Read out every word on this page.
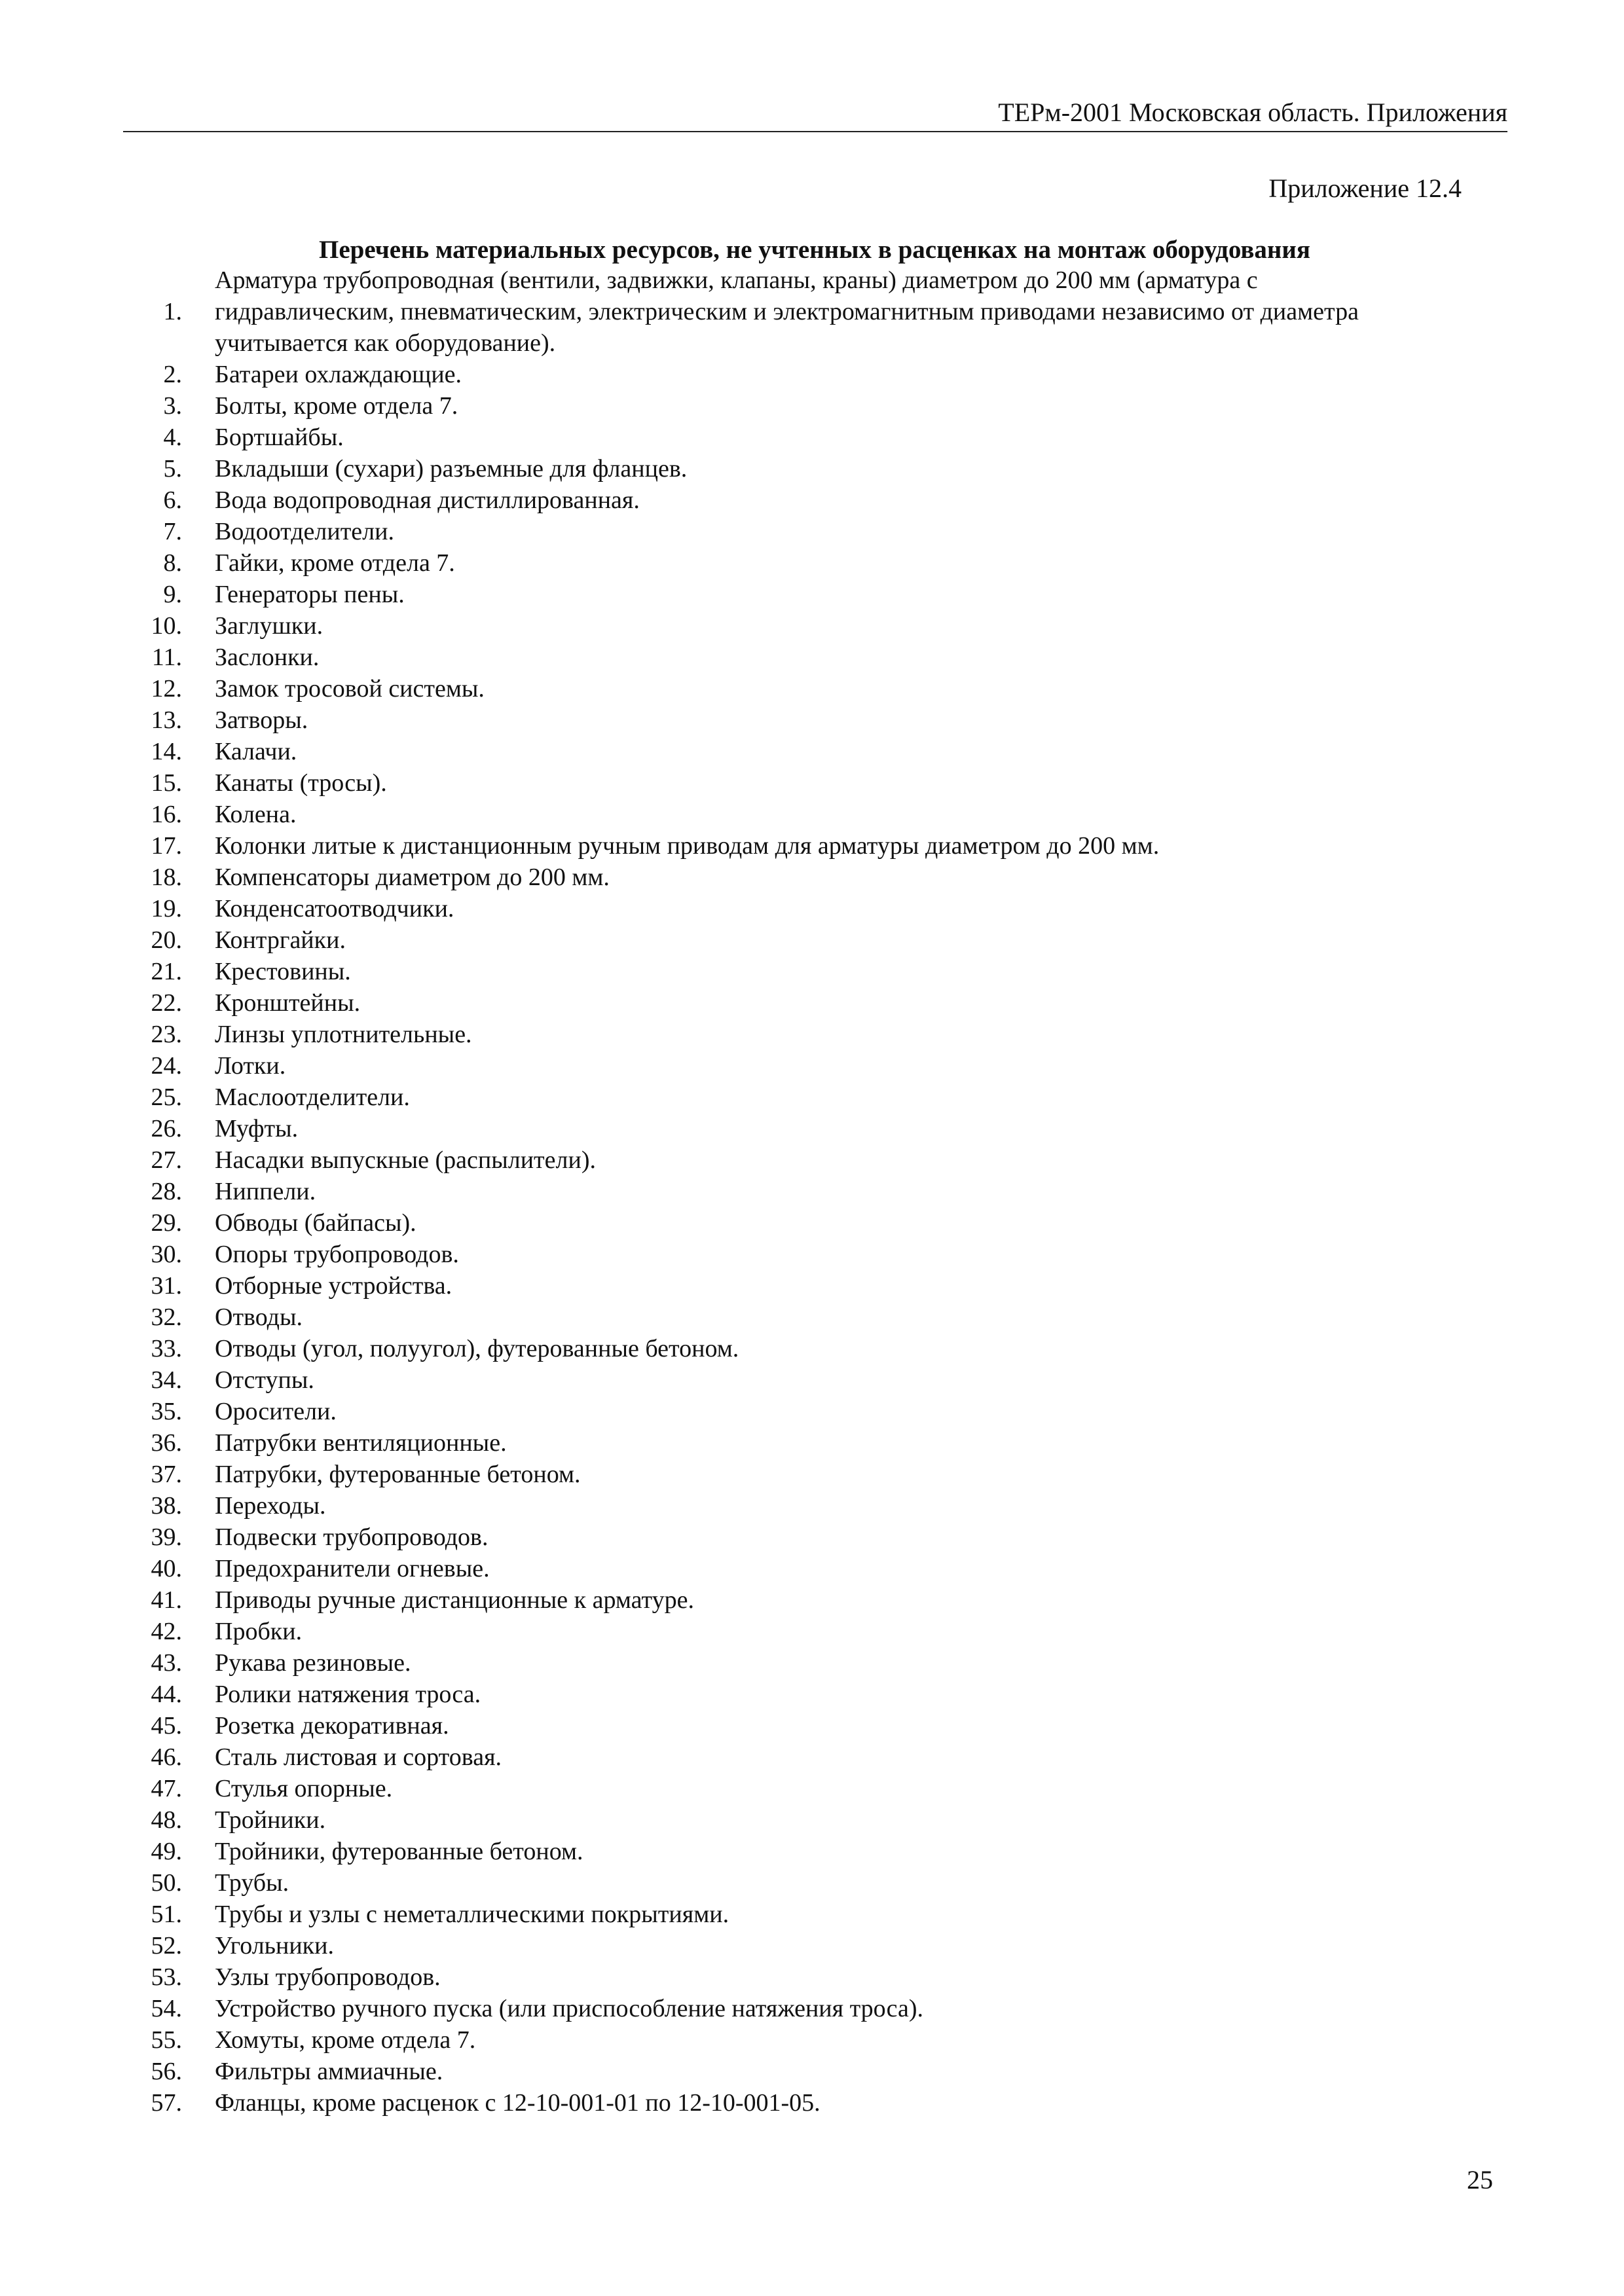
ТЕРм-2001 Московская область. Приложения
Приложение 12.4
Перечень материальных ресурсов, не учтенных в расценках на монтаж оборудования
1.
Арматура трубопроводная (вентили, задвижки, клапаны, краны) диаметром до 200 мм (арматура с гидравлическим, пневматическим, электрическим и электромагнитным приводами независимо от диаметра учитывается как оборудование).
2. Батареи охлаждающие.
3. Болты, кроме отдела 7.
4. Бортшайбы.
5. Вкладыши (сухари) разъемные для фланцев.
6. Вода водопроводная дистиллированная.
7. Водоотделители.
8. Гайки, кроме отдела 7.
9. Генераторы пены.
10. Заглушки.
11. Заслонки.
12. Замок тросовой системы.
13. Затворы.
14. Калачи.
15. Канаты (тросы).
16. Колена.
17. Колонки литые к дистанционным ручным приводам для арматуры диаметром до 200 мм.
18. Компенсаторы диаметром до 200 мм.
19. Конденсатоотводчики.
20. Контргайки.
21. Крестовины.
22. Кронштейны.
23. Линзы уплотнительные.
24. Лотки.
25. Маслоотделители.
26. Муфты.
27. Насадки выпускные (распылители).
28. Ниппели.
29. Обводы (байпасы).
30. Опоры трубопроводов.
31. Отборные устройства.
32. Отводы.
33. Отводы (угол, полуугол), футерованные бетоном.
34. Отступы.
35. Оросители.
36. Патрубки вентиляционные.
37. Патрубки, футерованные бетоном.
38. Переходы.
39. Подвески трубопроводов.
40. Предохранители огневые.
41. Приводы ручные дистанционные к арматуре.
42. Пробки.
43. Рукава резиновые.
44. Ролики натяжения троса.
45. Розетка декоративная.
46. Сталь листовая и сортовая.
47. Стулья опорные.
48. Тройники.
49. Тройники, футерованные бетоном.
50. Трубы.
51. Трубы и узлы с неметаллическими покрытиями.
52. Угольники.
53. Узлы трубопроводов.
54. Устройство ручного пуска (или приспособление натяжения троса).
55. Хомуты, кроме отдела 7.
56. Фильтры аммиачные.
57. Фланцы, кроме расценок с 12-10-001-01 по 12-10-001-05.
25
